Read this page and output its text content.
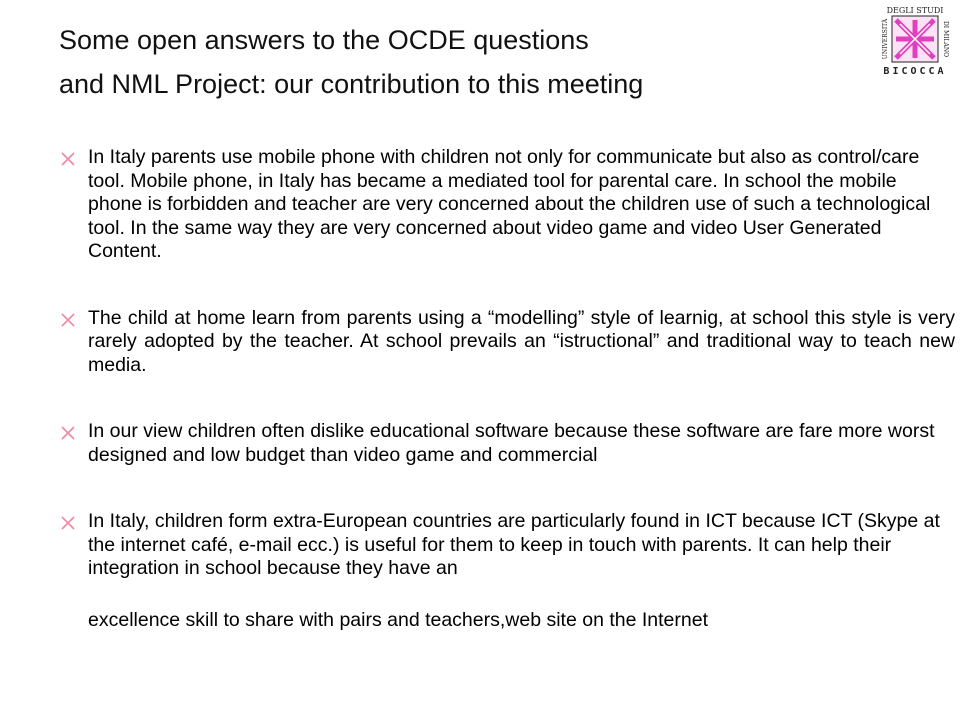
Some open answers to the OCDE questions
and NML Project: our contribution to this meeting
DEGLI STUDI
UNIVERSITÀ	DI MILANO
BICOCCA
In Italy parents use mobile phone with children not only for communicate but also as control/care tool. Mobile phone, in Italy has became a mediated tool for parental care. In school the mobile phone is forbidden and teacher are very concerned about the children use of such a technological tool. In the same way they are very concerned about video game and video User Generated Content.
The child at home learn from parents using a “modelling” style of learnig, at school this style is very rarely adopted by the teacher. At school prevails an “istructional” and traditional way to teach new media.
In our view children often dislike educational software because these software are fare more worst designed and low budget than video game and commercial
In Italy, children form extra-European countries are particularly found in ICT because ICT (Skype at the internet café, e-mail ecc.) is useful for them to keep in touch with parents. It can help their integration in school because they have an
excellence skill to share with pairs and teachers,web site on the Internet
